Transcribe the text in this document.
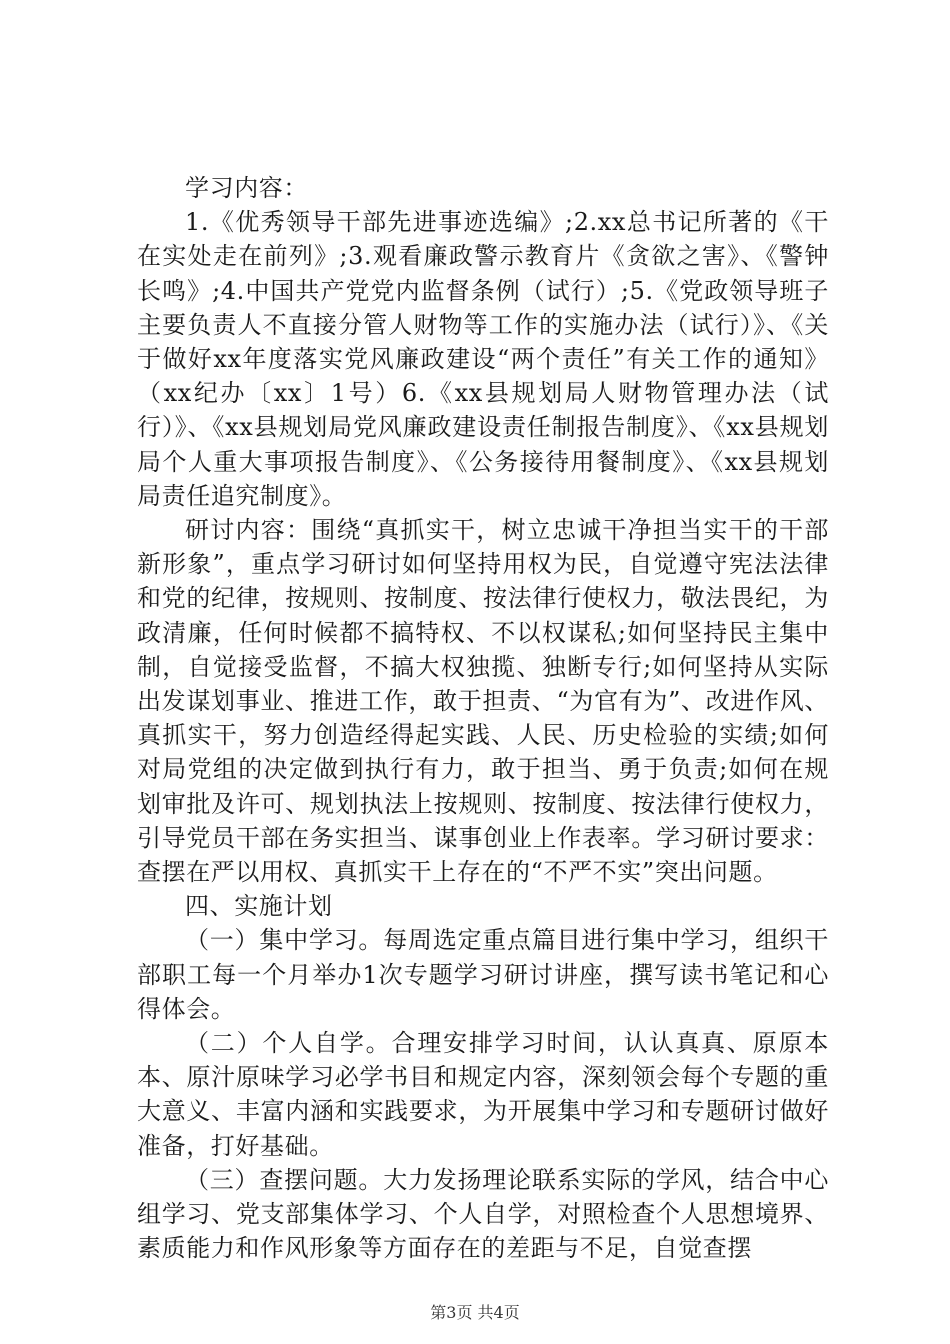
学习内容：

1.《优秀领导干部先进事迹选编》;2.xx总书记所著的《干在实处走在前列》;3.观看廉政警示教育片《贪欲之害》、《警钟长鸣》;4.中国共产党党内监督条例（试行）;5.《党政领导班子主要负责人不直接分管人财物等工作的实施办法（试行）》、《关于做好xx年度落实党风廉政建设“两个责任”有关工作的通知》（xx纪办〔xx〕1号）6.《xx县规划局人财物管理办法（试行）》、《xx县规划局党风廉政建设责任制报告制度》、《xx县规划局个人重大事项报告制度》、《公务接待用餐制度》、《xx县规划局责任追究制度》。

研讨内容：围绕“真抓实干，树立忠诚干净担当实干的干部新形象”，重点学习研讨如何坚持用权为民，自觉遵守宪法法律和党的纪律，按规则、按制度、按法律行使权力，敬法畏纪，为政清廉，任何时候都不搞特权、不以权谋私;如何坚持民主集中制，自觉接受监督，不搞大权独揽、独断专行;如何坚持从实际出发谋划事业、推进工作，敢于担责、“为官有为”、改进作风、真抓实干，努力创造经得起实践、人民、历史检验的实绩;如何对局党组的决定做到执行有力，敢于担当、勇于负责;如何在规划审批及许可、规划执法上按规则、按制度、按法律行使权力，引导党员干部在务实担当、谋事创业上作表率。学习研讨要求：查摆在严以用权、真抓实干上存在的“不严不实”突出问题。

四、实施计划

（一）集中学习。每周选定重点篇目进行集中学习，组织干部职工每一个月举办1次专题学习研讨讲座，撰写读书笔记和心得体会。

（二）个人自学。合理安排学习时间，认认真真、原原本本、原汁原味学习必学书目和规定内容，深刻领会每个专题的重大意义、丰富内涵和实践要求，为开展集中学习和专题研讨做好准备，打好基础。

（三）查摆问题。大力发扬理论联系实际的学风，结合中心组学习、党支部集体学习、个人自学，对照检查个人思想境界、素质能力和作风形象等方面存在的差距与不足，自觉查摆

第3页 共4页
